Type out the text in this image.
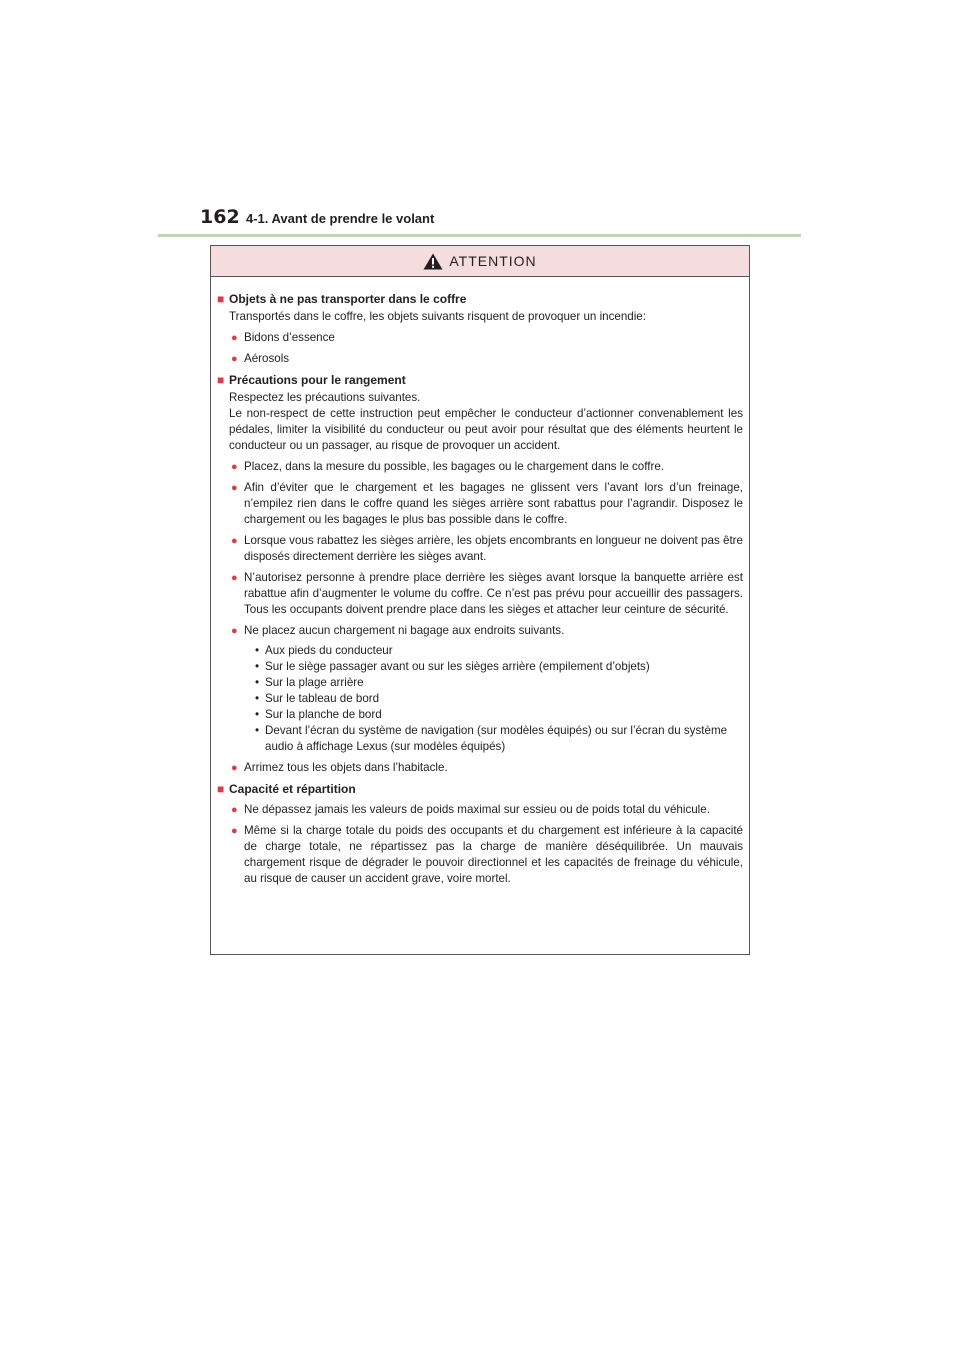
162 4-1. Avant de prendre le volant
ATTENTION
■ Objets à ne pas transporter dans le coffre
Transportés dans le coffre, les objets suivants risquent de provoquer un incendie:
● Bidons d’essence
● Aérosols
■ Précautions pour le rangement
Respectez les précautions suivantes.
Le non-respect de cette instruction peut empêcher le conducteur d’actionner convenablement les pédales, limiter la visibilité du conducteur ou peut avoir pour résultat que des éléments heurtent le conducteur ou un passager, au risque de provoquer un accident.
● Placez, dans la mesure du possible, les bagages ou le chargement dans le coffre.
● Afin d’éviter que le chargement et les bagages ne glissent vers l’avant lors d’un freinage, n’empilez rien dans le coffre quand les sièges arrière sont rabattus pour l’agrandir. Disposez le chargement ou les bagages le plus bas possible dans le coffre.
● Lorsque vous rabattez les sièges arrière, les objets encombrants en longueur ne doivent pas être disposés directement derrière les sièges avant.
● N’autorisez personne à prendre place derrière les sièges avant lorsque la banquette arrière est rabattue afin d’augmenter le volume du coffre. Ce n’est pas prévu pour accueillir des passagers. Tous les occupants doivent prendre place dans les sièges et attacher leur ceinture de sécurité.
● Ne placez aucun chargement ni bagage aux endroits suivants.
• Aux pieds du conducteur
• Sur le siège passager avant ou sur les sièges arrière (empilement d’objets)
• Sur la plage arrière
• Sur le tableau de bord
• Sur la planche de bord
• Devant l’écran du système de navigation (sur modèles équipés) ou sur l’écran du système audio à affichage Lexus (sur modèles équipés)
● Arrimez tous les objets dans l’habitacle.
■ Capacité et répartition
● Ne dépassez jamais les valeurs de poids maximal sur essieu ou de poids total du véhicule.
● Même si la charge totale du poids des occupants et du chargement est inférieure à la capacité de charge totale, ne répartissez pas la charge de manière déséquilibrée. Un mauvais chargement risque de dégrader le pouvoir directionnel et les capacités de freinage du véhicule, au risque de causer un accident grave, voire mortel.
